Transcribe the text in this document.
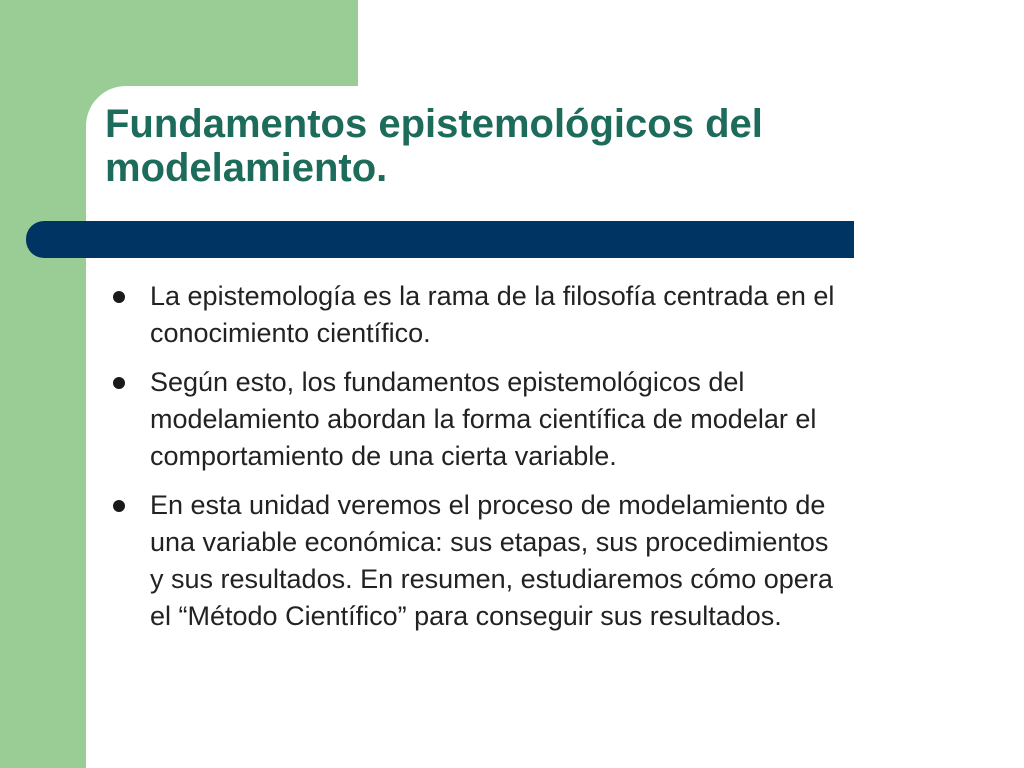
Fundamentos epistemológicos del
modelamiento.
La epistemología es la rama de la filosofía centrada en el
conocimiento científico.
Según esto, los fundamentos epistemológicos del
modelamiento abordan la forma científica de modelar el
comportamiento de una cierta variable.
En esta unidad veremos el proceso de modelamiento de
una variable económica: sus etapas, sus procedimientos
y sus resultados. En resumen, estudiaremos cómo opera
el “Método Científico” para conseguir sus resultados.
